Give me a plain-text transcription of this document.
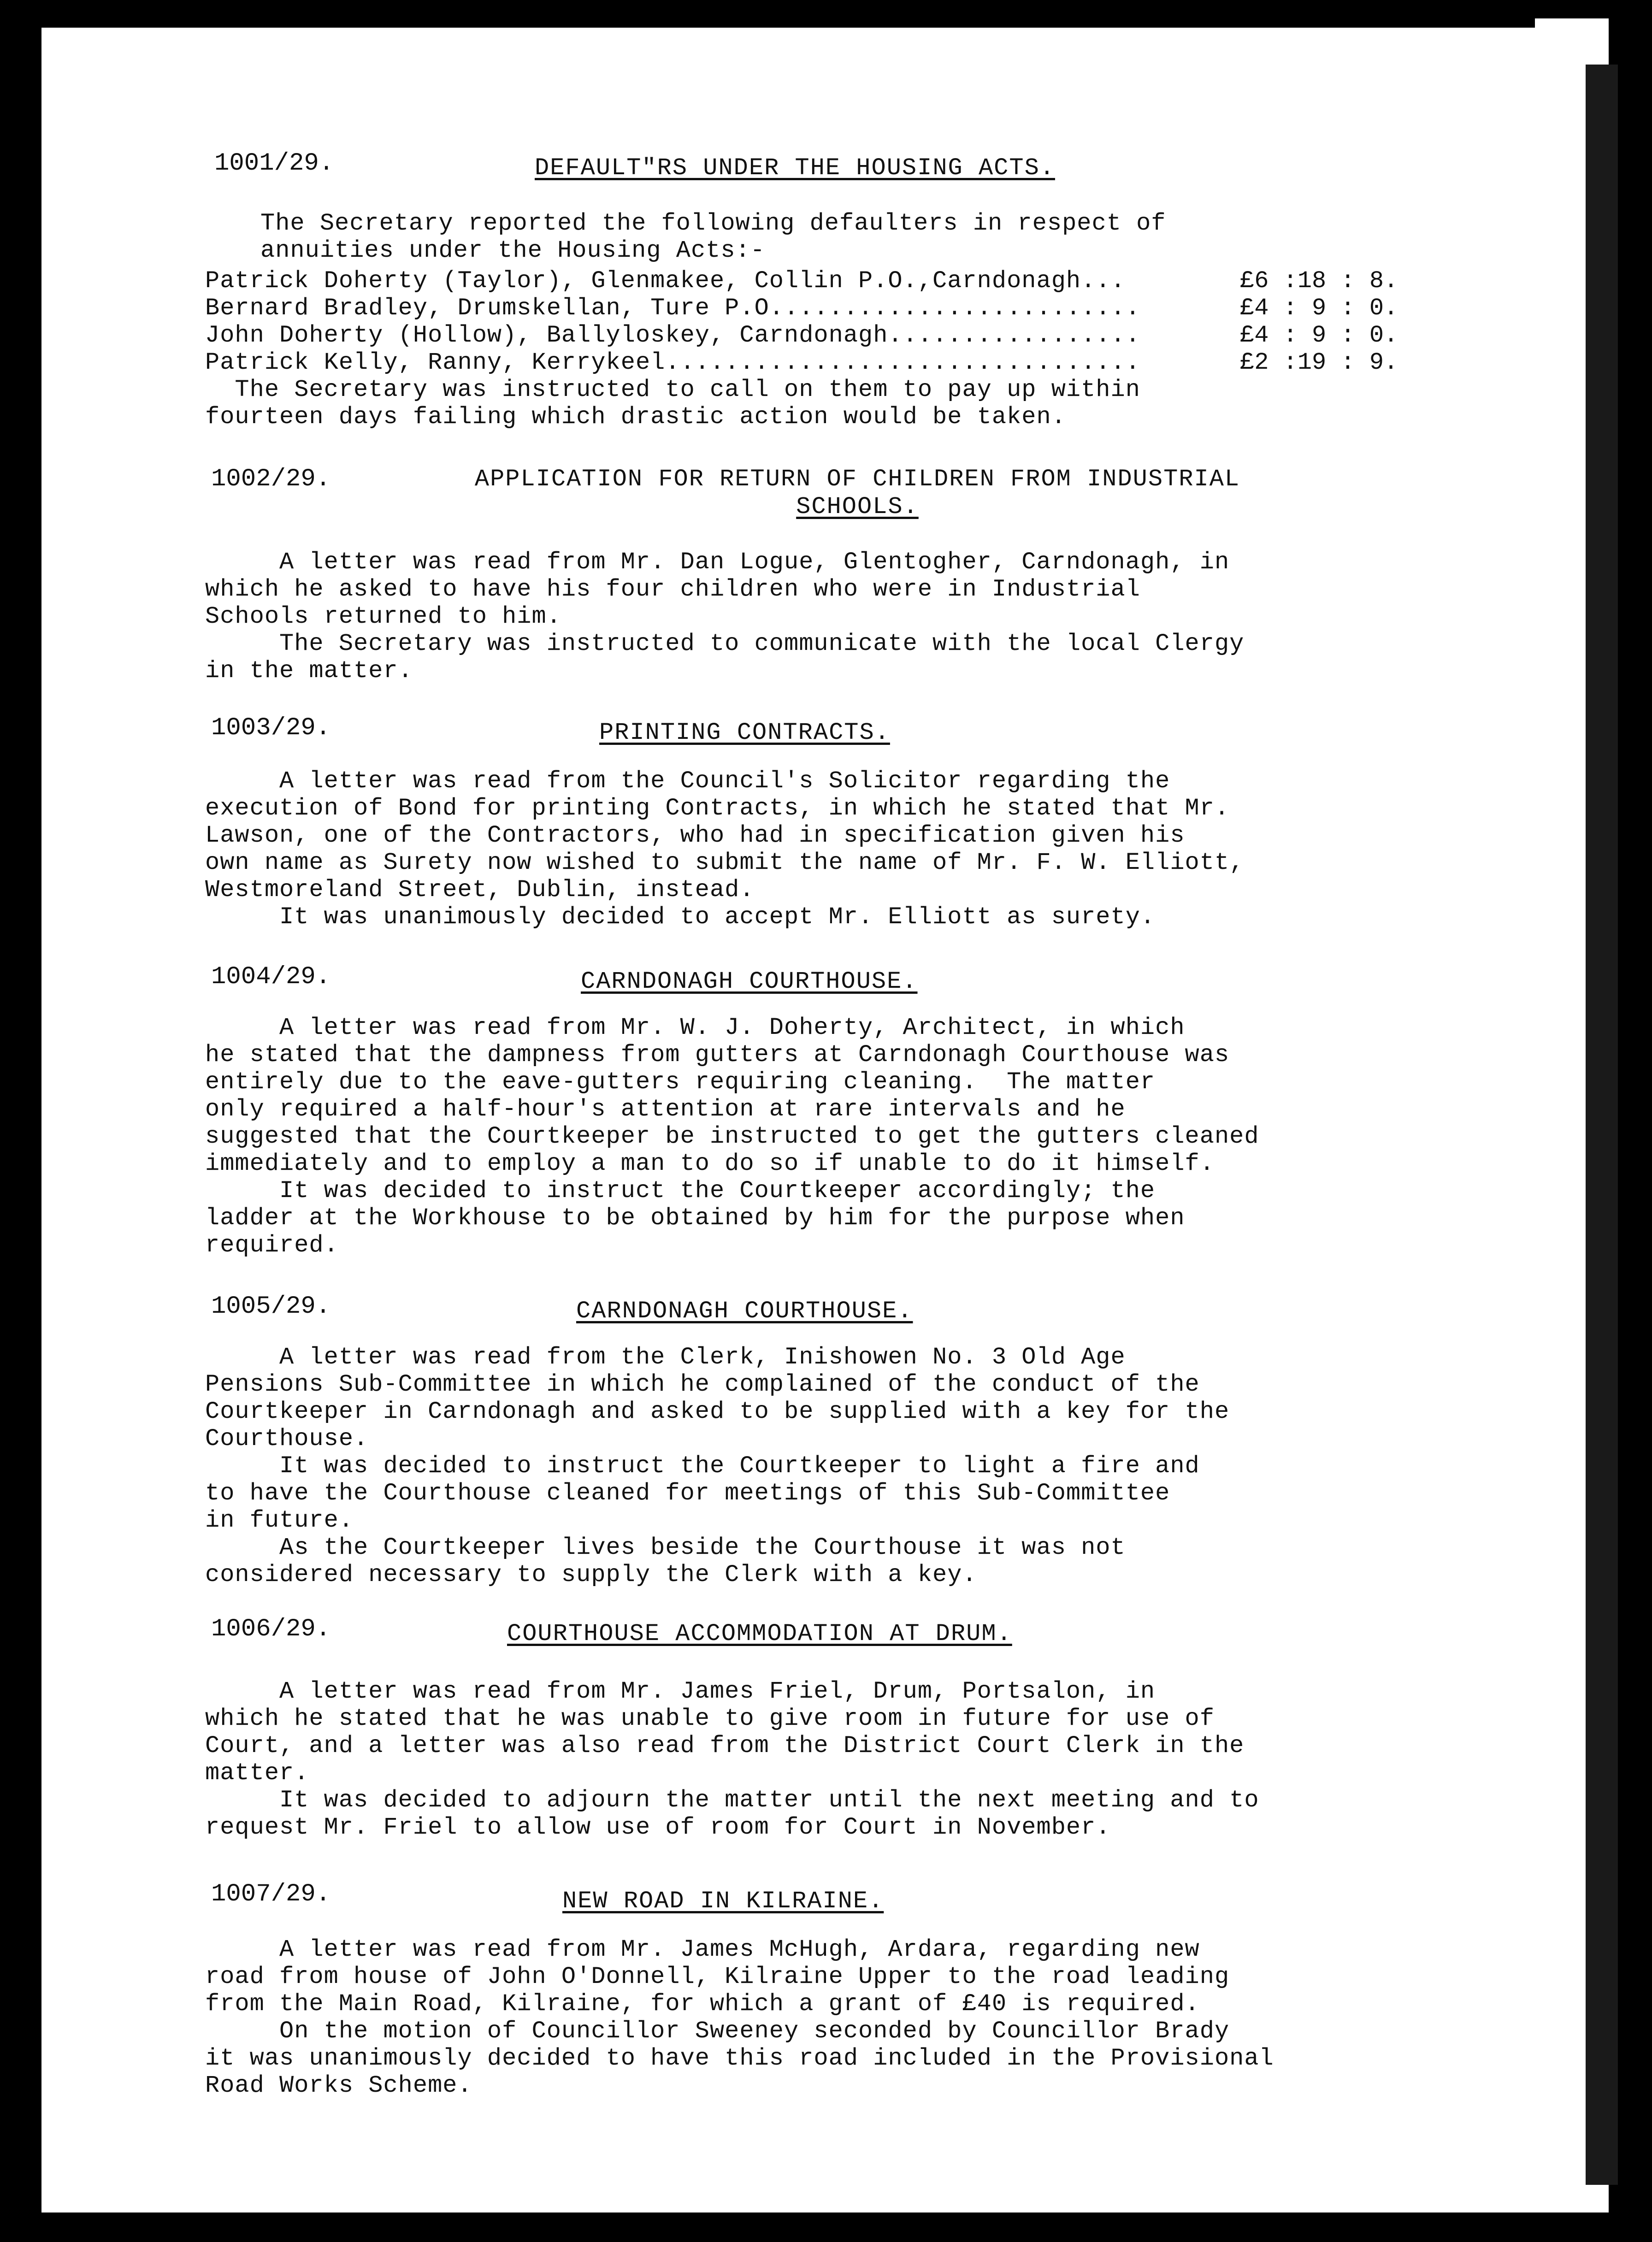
1001/29.	DEFAULT"RS UNDER THE HOUSING ACTS.
The Secretary reported the following defaulters in respect of
annuities under the Housing Acts:-
Patrick Doherty (Taylor), Glenmakee, Collin P.O.,Carndonagh...	£6 :18 : 8.
Bernard Bradley, Drumskellan, Ture P.O.........................	£4 : 9 : 0.
John Doherty (Hollow), Ballyloskey, Carndonagh.................	£4 : 9 : 0.
Patrick Kelly, Ranny, Kerrykeel................................	£2 :19 : 9.
The Secretary was instructed to call on them to pay up within
fourteen days failing which drastic action would be taken.
1002/29.	APPLICATION FOR RETURN OF CHILDREN FROM INDUSTRIAL
SCHOOLS.
A letter was read from Mr. Dan Logue, Glentogher, Carndonagh, in
which he asked to have his four children who were in Industrial
Schools returned to him.
The Secretary was instructed to communicate with the local Clergy
in the matter.
1003/29.	PRINTING CONTRACTS.
A letter was read from the Council's Solicitor regarding the
execution of Bond for printing Contracts, in which he stated that Mr.
Lawson, one of the Contractors, who had in specification given his
own name as Surety now wished to submit the name of Mr. F. W. Elliott,
Westmoreland Street, Dublin, instead.
It was unanimously decided to accept Mr. Elliott as surety.
1004/29.	CARNDONAGH COURTHOUSE.
A letter was read from Mr. W. J. Doherty, Architect, in which
he stated that the dampness from gutters at Carndonagh Courthouse was
entirely due to the eave-gutters requiring cleaning.  The matter
only required a half-hour's attention at rare intervals and he
suggested that the Courtkeeper be instructed to get the gutters cleaned
immediately and to employ a man to do so if unable to do it himself.
It was decided to instruct the Courtkeeper accordingly; the
ladder at the Workhouse to be obtained by him for the purpose when
required.
1005/29.	CARNDONAGH COURTHOUSE.
A letter was read from the Clerk, Inishowen No. 3 Old Age
Pensions Sub-Committee in which he complained of the conduct of the
Courtkeeper in Carndonagh and asked to be supplied with a key for the
Courthouse.
It was decided to instruct the Courtkeeper to light a fire and
to have the Courthouse cleaned for meetings of this Sub-Committee
in future.
As the Courtkeeper lives beside the Courthouse it was not
considered necessary to supply the Clerk with a key.
1006/29.	COURTHOUSE ACCOMMODATION AT DRUM.
A letter was read from Mr. James Friel, Drum, Portsalon, in
which he stated that he was unable to give room in future for use of
Court, and a letter was also read from the District Court Clerk in the
matter.
It was decided to adjourn the matter until the next meeting and to
request Mr. Friel to allow use of room for Court in November.
1007/29.	NEW ROAD IN KILRAINE.
A letter was read from Mr. James McHugh, Ardara, regarding new
road from house of John O'Donnell, Kilraine Upper to the road leading
from the Main Road, Kilraine, for which a grant of £40 is required.
On the motion of Councillor Sweeney seconded by Councillor Brady
it was unanimously decided to have this road included in the Provisional
Road Works Scheme.
